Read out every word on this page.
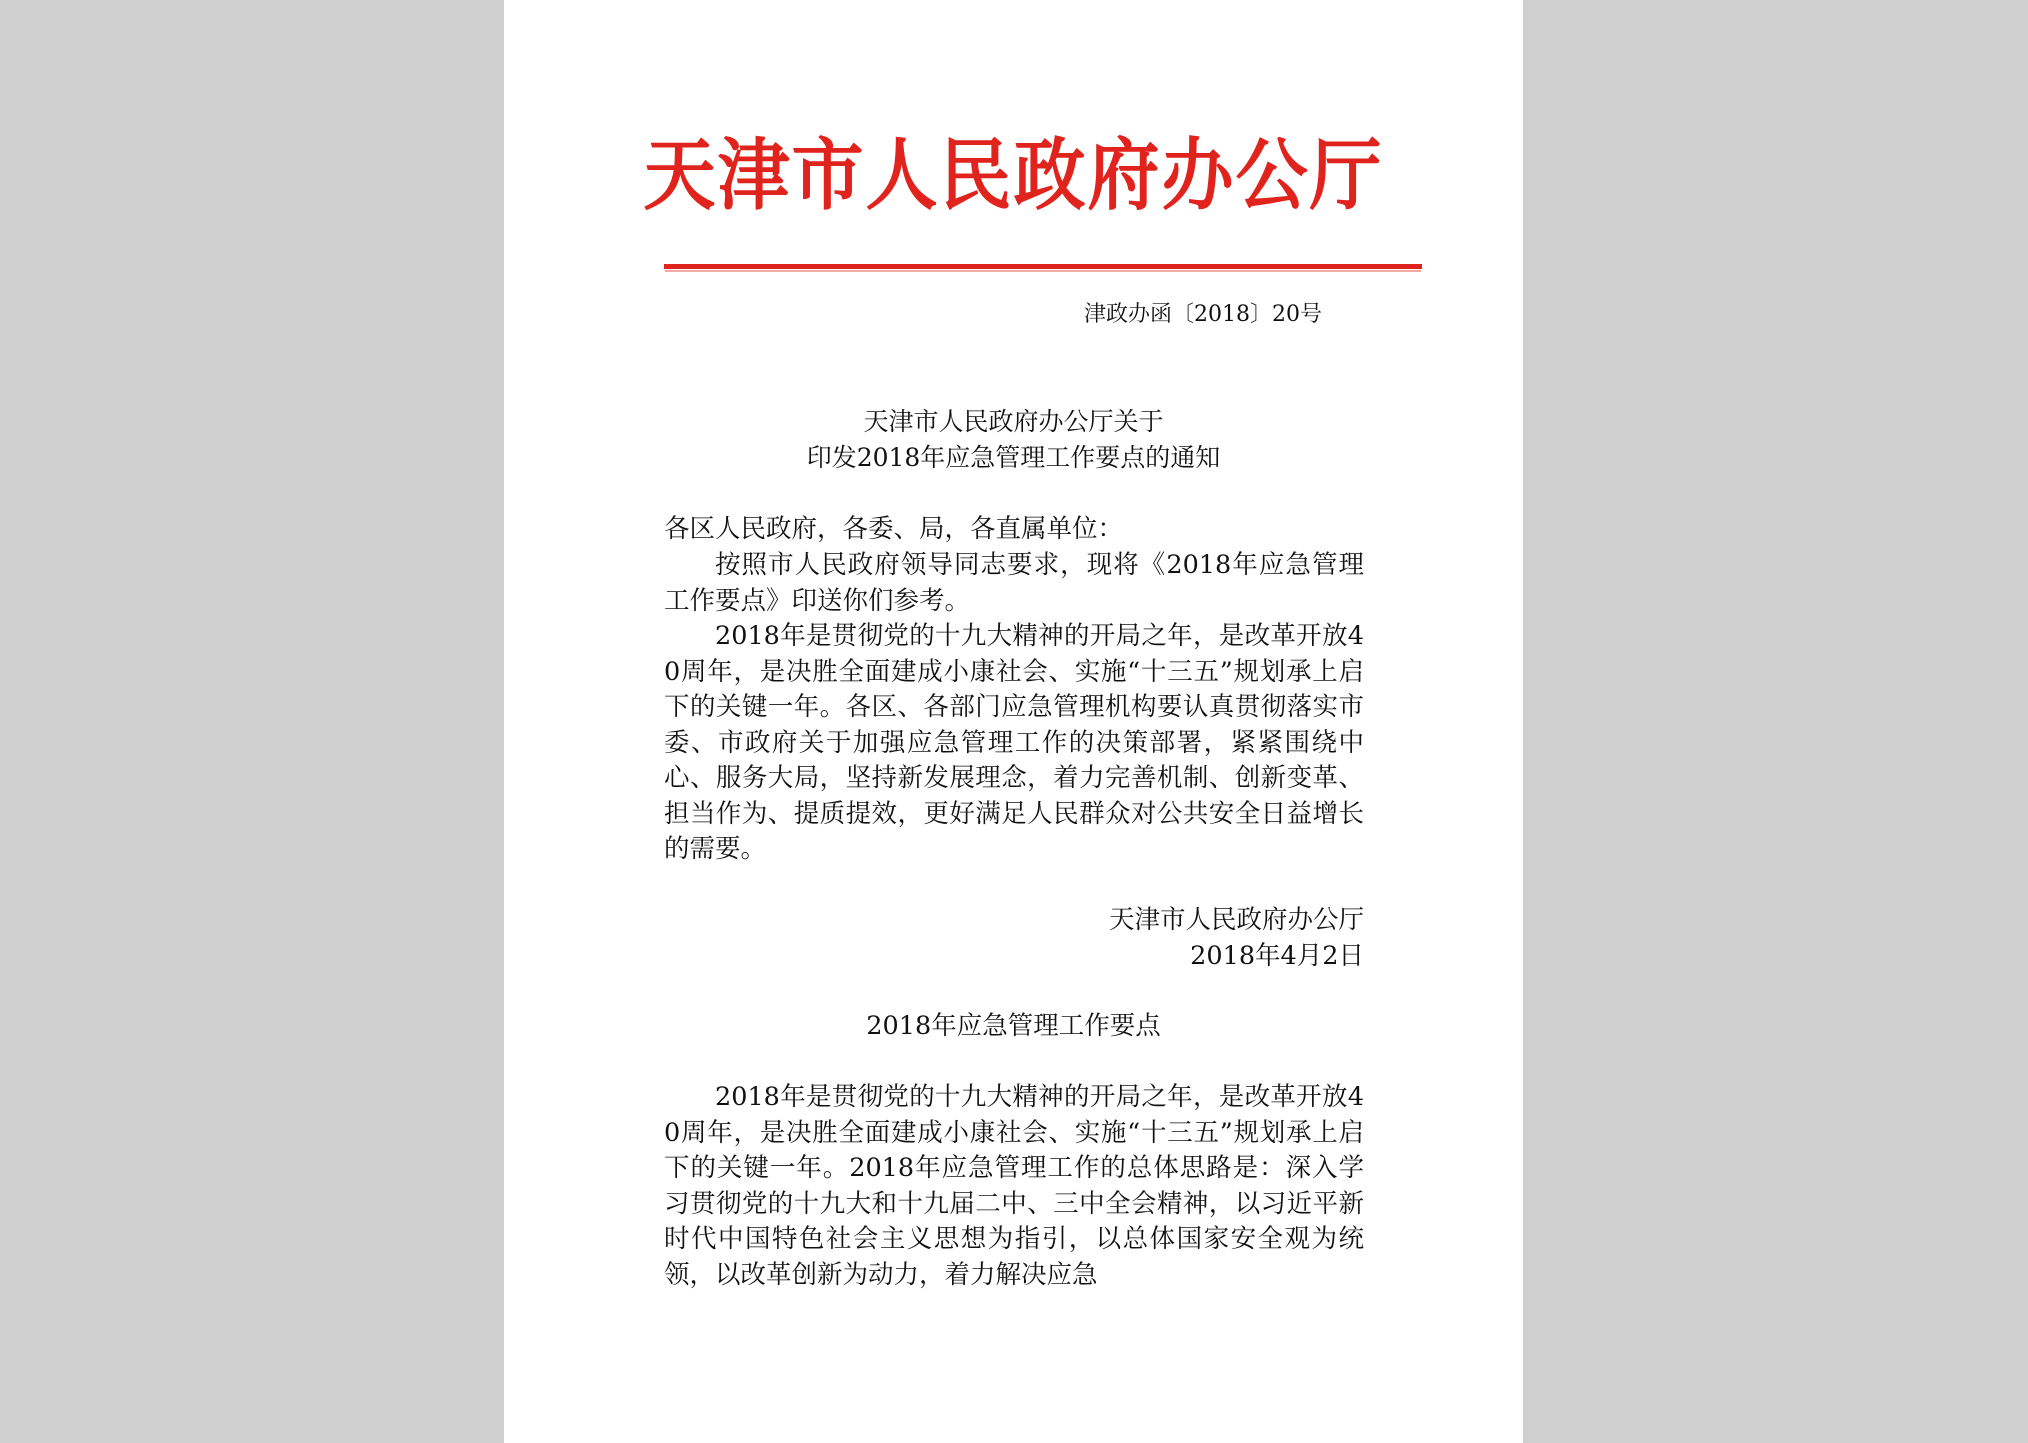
天津市人民政府办公厅
津政办函〔2018〕20号
天津市人民政府办公厅关于
印发2018年应急管理工作要点的通知
各区人民政府，各委、局，各直属单位：
按照市人民政府领导同志要求，现将《2018年应急管理工作要点》印送你们参考。
2018年是贯彻党的十九大精神的开局之年，是改革开放40周年，是决胜全面建成小康社会、实施“十三五”规划承上启下的关键一年。各区、各部门应急管理机构要认真贯彻落实市委、市政府关于加强应急管理工作的决策部署，紧紧围绕中心、服务大局，坚持新发展理念，着力完善机制、创新变革、担当作为、提质提效，更好满足人民群众对公共安全日益增长的需要。
天津市人民政府办公厅
2018年4月2日
2018年应急管理工作要点
2018年是贯彻党的十九大精神的开局之年，是改革开放40周年，是决胜全面建成小康社会、实施“十三五”规划承上启下的关键一年。2018年应急管理工作的总体思路是：深入学习贯彻党的十九大和十九届二中、三中全会精神，以习近平新时代中国特色社会主义思想为指引，以总体国家安全观为统领，以改革创新为动力，着力解决应急
